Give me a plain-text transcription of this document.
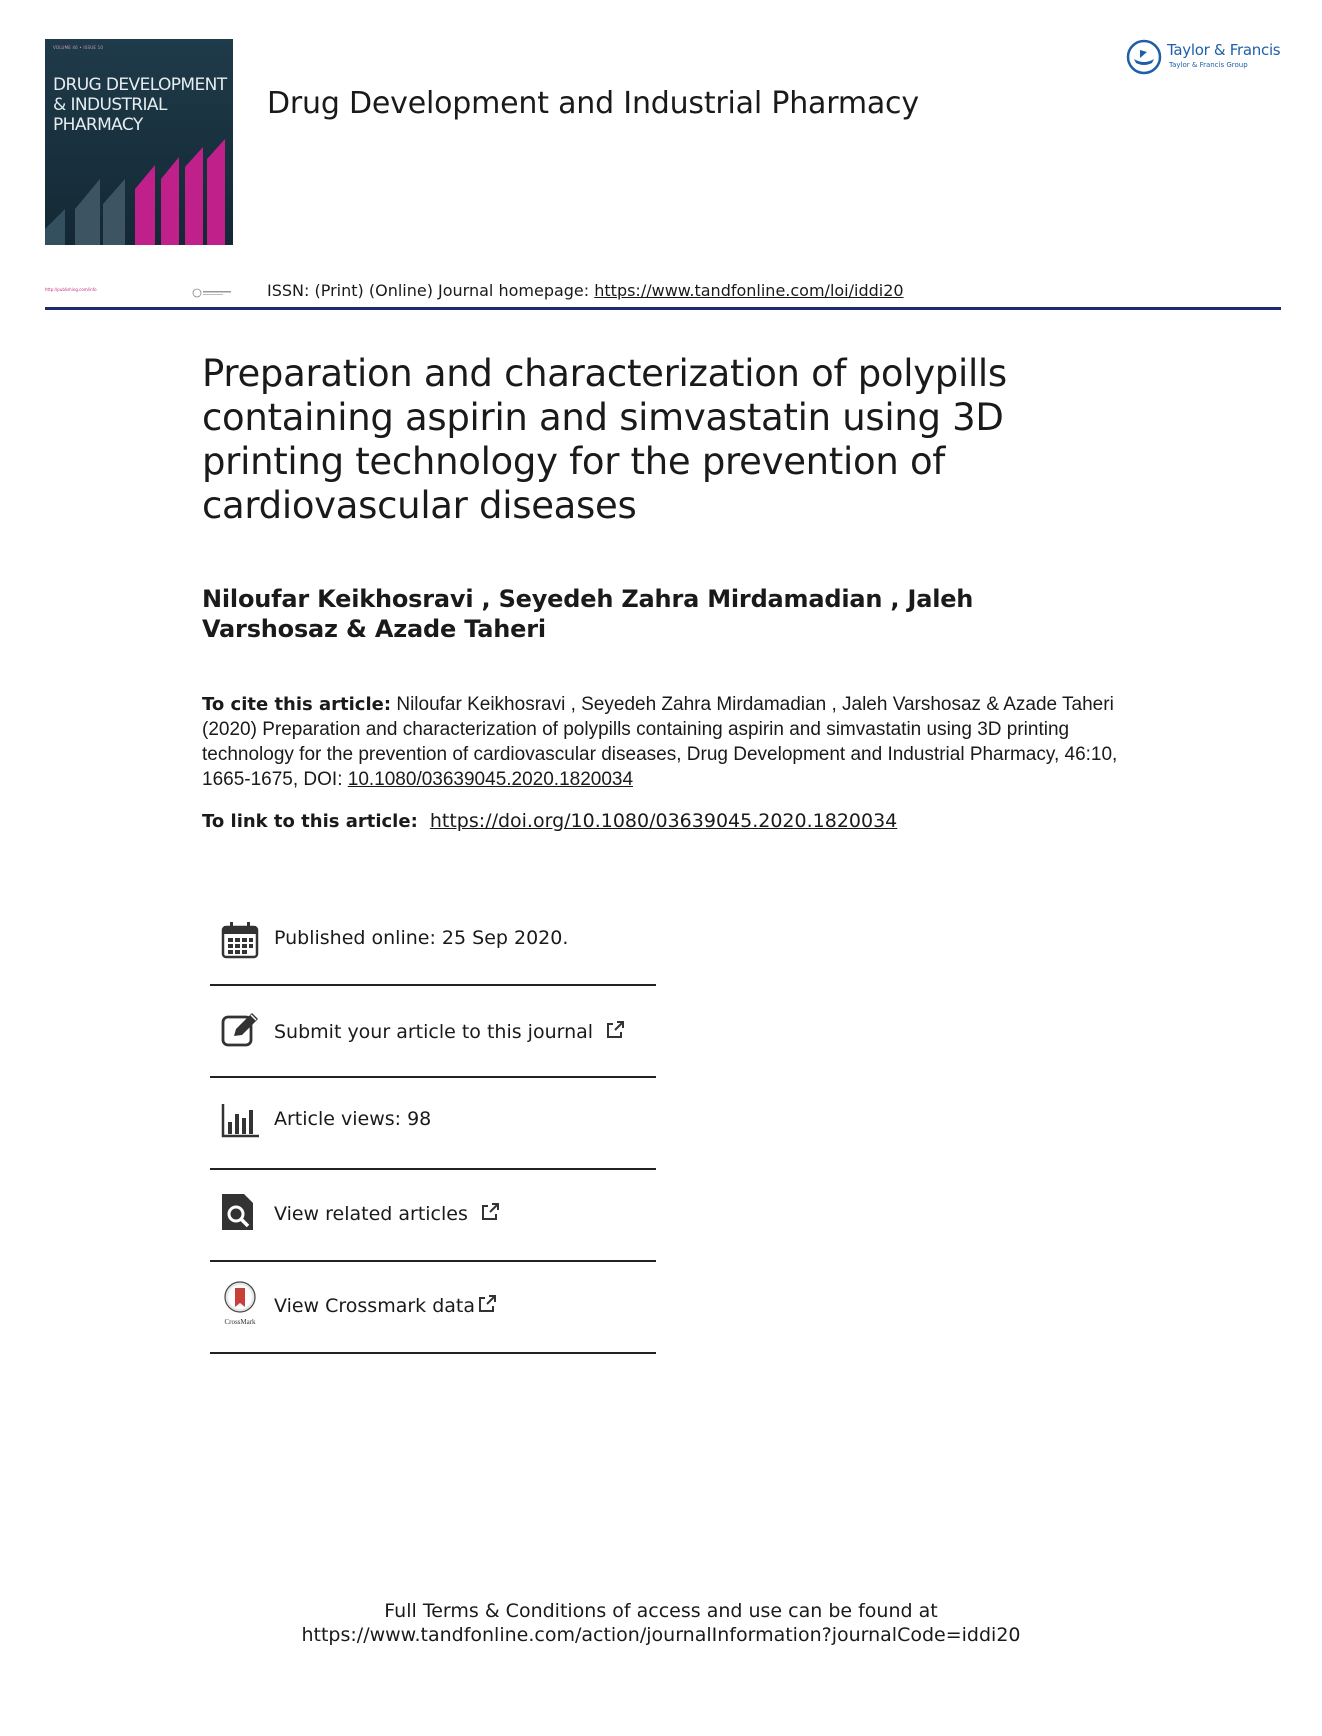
VOLUME 46 • ISSUE 10
DRUG DEVELOPMENT
& INDUSTRIAL
PHARMACY
Drug Development and Industrial Pharmacy
Taylor & Francis
Taylor & Francis Group
http://publishing.com/info	ISSN: (Print) (Online) Journal homepage: https://www.tandfonline.com/loi/iddi20
Preparation and characterization of polypills containing aspirin and simvastatin using 3D printing technology for the prevention of cardiovascular diseases
Niloufar Keikhosravi , Seyedeh Zahra Mirdamadian , Jaleh Varshosaz & Azade Taheri
To cite this article: Niloufar Keikhosravi , Seyedeh Zahra Mirdamadian , Jaleh Varshosaz & Azade Taheri (2020) Preparation and characterization of polypills containing aspirin and simvastatin using 3D printing technology for the prevention of cardiovascular diseases, Drug Development and Industrial Pharmacy, 46:10, 1665-1675, DOI: 10.1080/03639045.2020.1820034
To link to this article: https://doi.org/10.1080/03639045.2020.1820034
Published online: 25 Sep 2020.
Submit your article to this journal
Article views: 98
View related articles
CrossMark
View Crossmark data
Full Terms & Conditions of access and use can be found at
https://www.tandfonline.com/action/journalInformation?journalCode=iddi20
